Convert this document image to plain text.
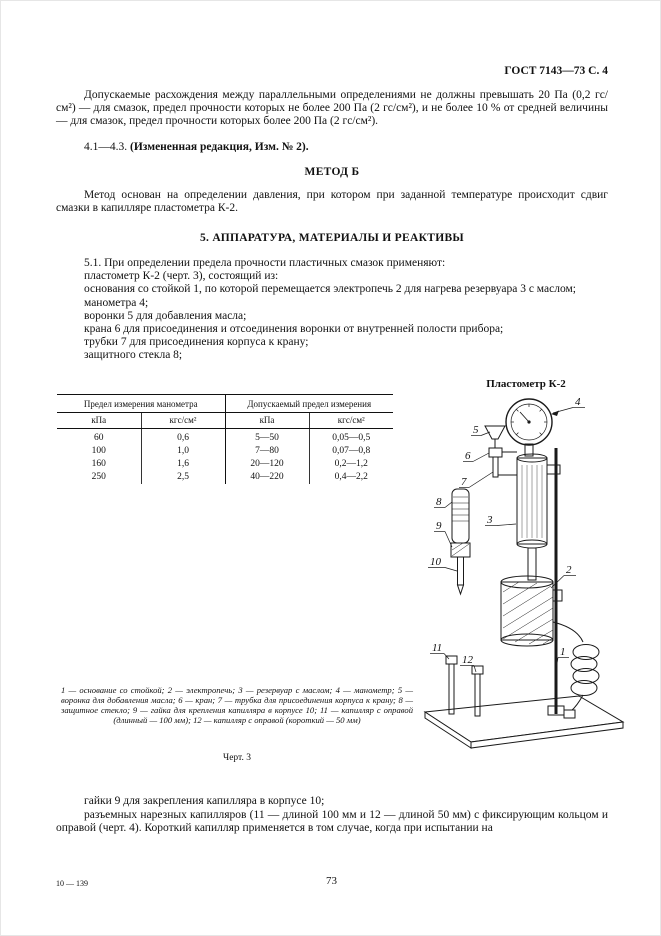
ГОСТ 7143—73 С. 4

Допускаемые расхождения между параллельными определениями не должны превышать 20 Па (0,2 гс/см²) — для смазок, предел прочности которых не более 200 Па (2 гс/см²), и не более 10 % от средней величины — для смазок, предел прочности которых более 200 Па (2 гс/см²).

4.1—4.3. (Измененная редакция, Изм. № 2).

МЕТОД Б

Метод основан на определении давления, при котором при заданной температуре происходит сдвиг смазки в капилляре пластометра К-2.

5. АППАРАТУРА, МАТЕРИАЛЫ И РЕАКТИВЫ

5.1. При определении предела прочности пластичных смазок применяют:

пластометр К-2 (черт. 3), состоящий из:

основания со стойкой 1, по которой перемещается электропечь 2 для нагрева резервуара 3 с маслом;

манометра 4;

воронки 5 для добавления масла;

крана 6 для присоединения и отсоединения воронки от внутренней полости прибора;

трубки 7 для присоединения корпуса к крану;

защитного стекла 8;

Предел измерения манометра		Допускаемый предел измерения	
кПа	кгс/см²	кПа	кгс/см²
60	0,6	5—50	0,05—0,5
100	1,0	7—80	0,07—0,8
160	1,6	20—120	0,2—1,2
250	2,5	40—220	0,4—2,2
Пластометр К-2
4
5
6
7
3
8
9
10
2
1
11
12
1 — основание со стойкой; 2 — электропечь; 3 — резервуар с маслом; 4 — манометр; 5 — воронка для добавления масла; 6 — кран; 7 — трубка для присоединения корпуса к крану; 8 — защитное стекло; 9 — гайка для крепления капилляра в корпусе 10; 11 — капилляр с оправой (длинный — 100 мм); 12 — капилляр с оправой (короткий — 50 мм)
Черт. 3

гайки 9 для закрепления капилляра в корпусе 10;

разъемных нарезных капилляров (11 — длиной 100 мм и 12 — длиной 50 мм) с фиксирующим кольцом и оправой (черт. 4). Короткий капилляр применяется в том случае, когда при испытании на

10 — 139	73
